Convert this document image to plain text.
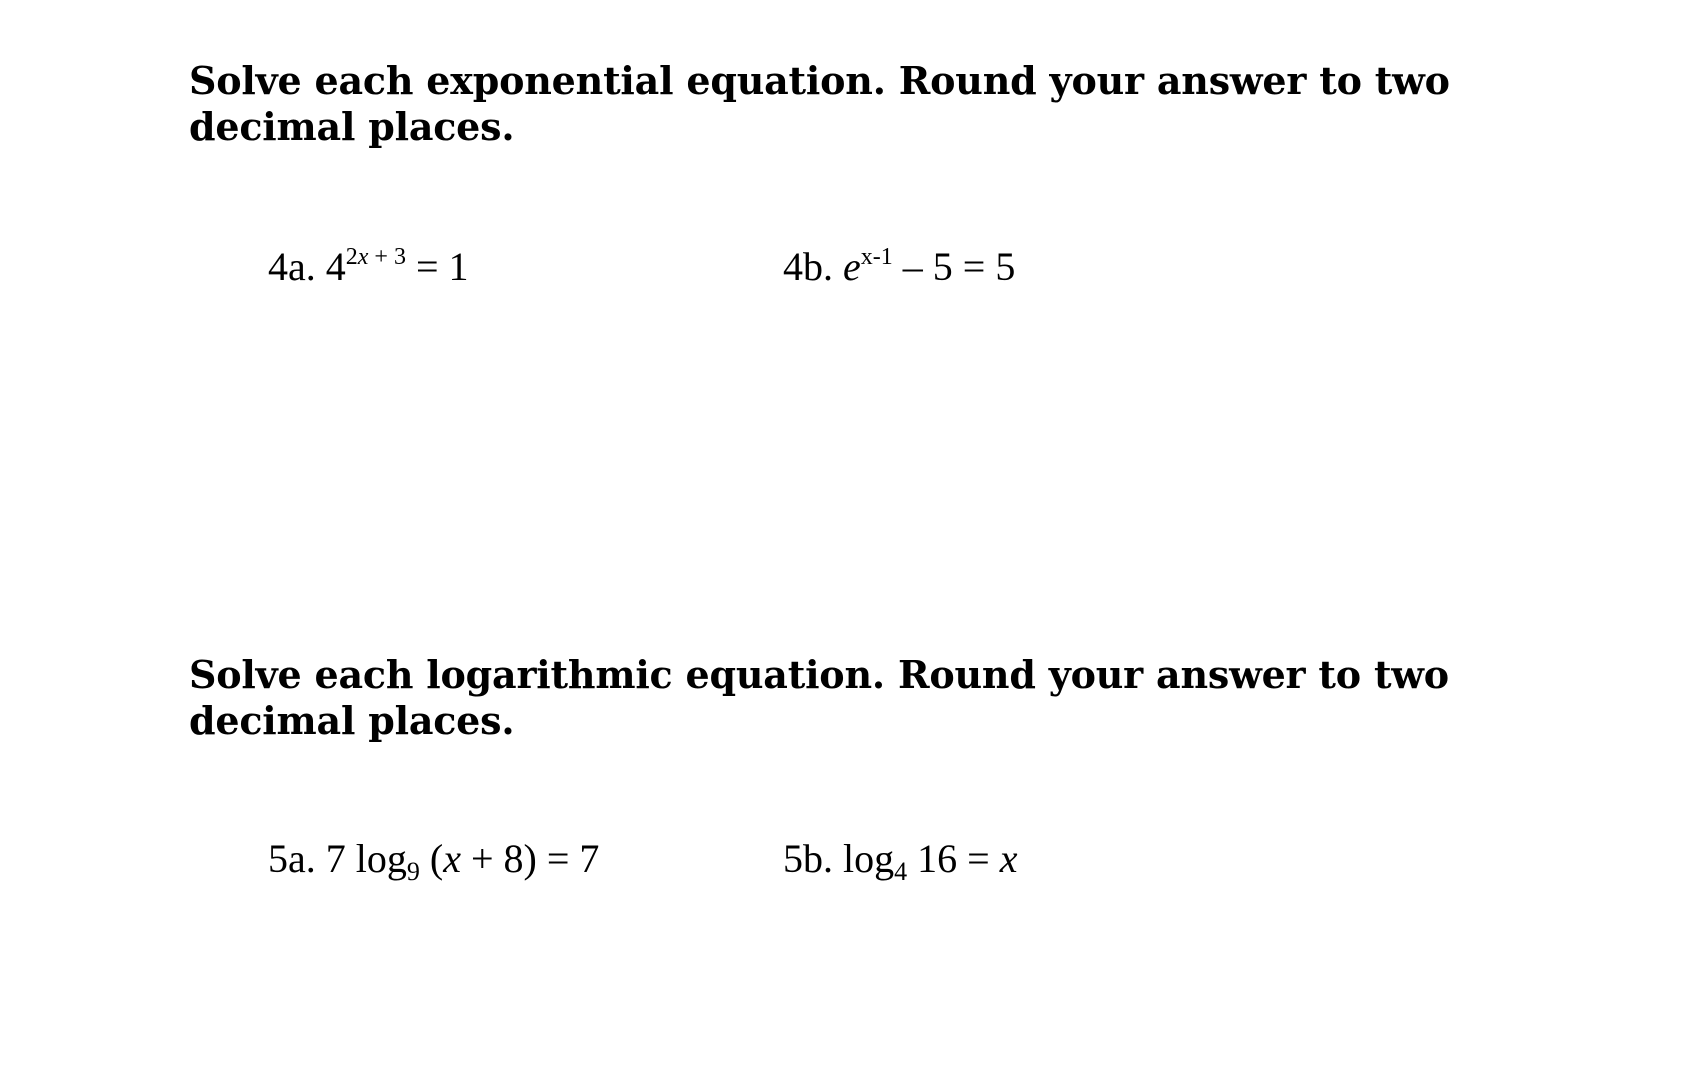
Solve each exponential equation. Round your answer to two
decimal places.
4a. $4^{2x + 3} = 1$	4b. $e^{x-1} - 5 = 5$
Solve each logarithmic equation. Round your answer to two
decimal places.
5a. 7 $\log_9 (x + 8) = 7$	5b. $\log_4 16 = x$
